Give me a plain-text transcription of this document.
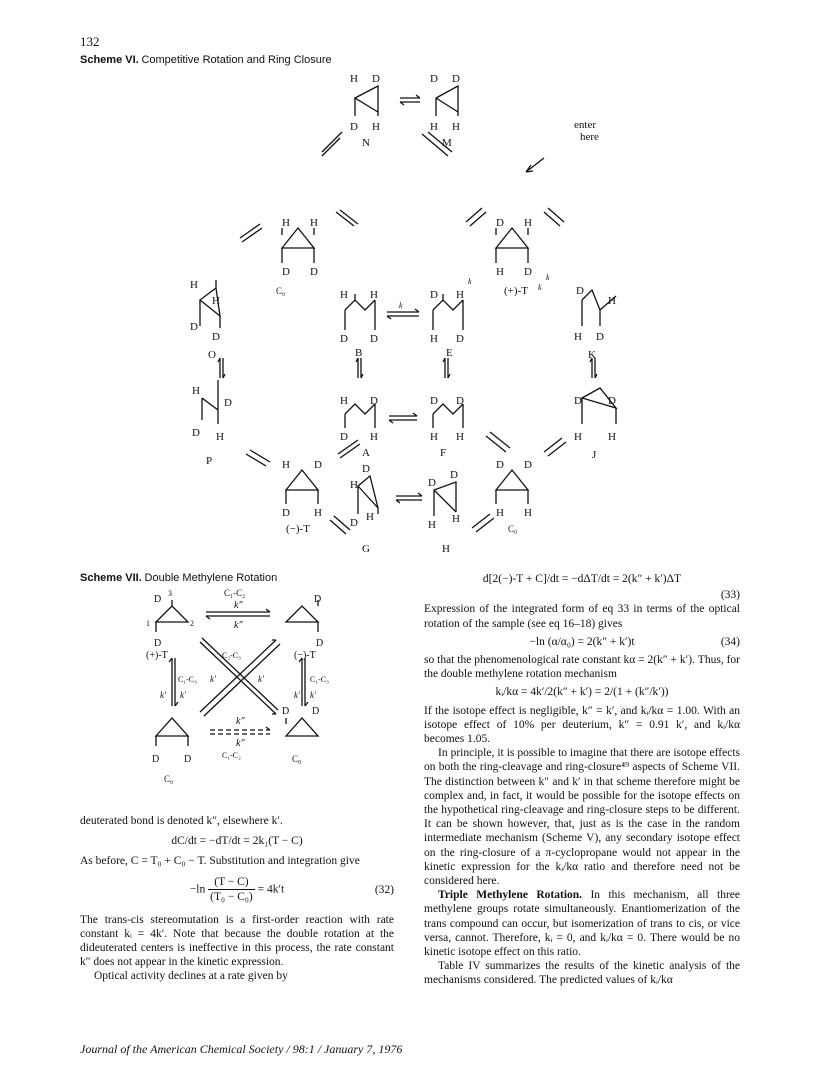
132
Scheme VI. Competitive Rotation and Ring Closure
H D	D D
D H	H H
N	M
enter
here
H H
D D
C₀
D H
H D
(+)-T
k	k
k
H
H
D
D
O
H H
D D
B
D H
H D
E
k
D
H
H D
K
H
D
D H
P
H D
D H
A
D D
H H
F
D D
H H
J
H D
D H
(−)-T
D D
H H
C₀
D
H
D H
G
D
D
H H
H
Scheme VII. Double Methylene Rotation
C₁-C₂
k″
k″
D
3
1	2
D
D	D
(+)-T	(−)-T
C₂-C₃
C₁-C₃	C₁-C₃
k′ k′	k′ k′
k′	k′
k″
k″
C₁-C₂
D D
D D	C₀
C₀

deuterated bond is denoted k″, elsewhere k′.

dC/dt = −dT/dt = 2k₁(T − C)

As before, C = T₀ + C₀ − T. Substitution and integration give

$-\ln \frac{(T - C)}{\text{(T₀ − C₀)}} = 4k't$	(32)

The trans-cis stereomutation is a first-order reaction with rate constant kᵢ = 4k′. Note that because the double rotation at the dideuterated centers is ineffective in this process, the rate constant k″ does not appear in the kinetic expression.

Optical activity declines at a rate given by

d[2(−)-T + C]/dt = −dΔT/dt = 2(k″ + k′)ΔT
(33)

Expression of the integrated form of eq 33 in terms of the optical rotation of the sample (see eq 16–18) gives

−ln (α/α₀) = 2(k″ + k′)t	(34)

so that the phenomenological rate constant kα = 2(k″ + k′). Thus, for the double methylene rotation mechanism

kᵢ/kα = 4k′/2(k″ + k′) = 2/(1 + (k″/k′))

If the isotope effect is negligible, k″ = k′, and kᵢ/kα = 1.00. With an isotope effect of 10% per deuterium, k″ = 0.91 k′, and kᵢ/kα becomes 1.05.

In principle, it is possible to imagine that there are isotope effects on both the ring-cleavage and ring-closure⁴⁹ aspects of Scheme VII. The distinction between k″ and k′ in that scheme therefore might be complex and, in fact, it would be possible for the isotope effects on the hypothetical ring-cleavage and ring-closure steps to be different. It can be shown however, that, just as is the case in the random intermediate mechanism (Scheme V), any secondary isotope effect on the ring-closure of a π-cyclopropane would not appear in the kinetic expression for the kᵢ/kα ratio and therefore need not be considered here.

Triple Methylene Rotation. In this mechanism, all three methylene groups rotate simultaneously. Enantiomerization of the trans compound can occur, but isomerization of trans to cis, or vice versa, cannot. Therefore, kᵢ = 0, and kᵢ/kα = 0. There would be no kinetic isotope effect on this ratio.

Table IV summarizes the results of the kinetic analysis of the mechanisms considered. The predicted values of kᵢ/kα

Journal of the American Chemical Society / 98:1 / January 7, 1976
